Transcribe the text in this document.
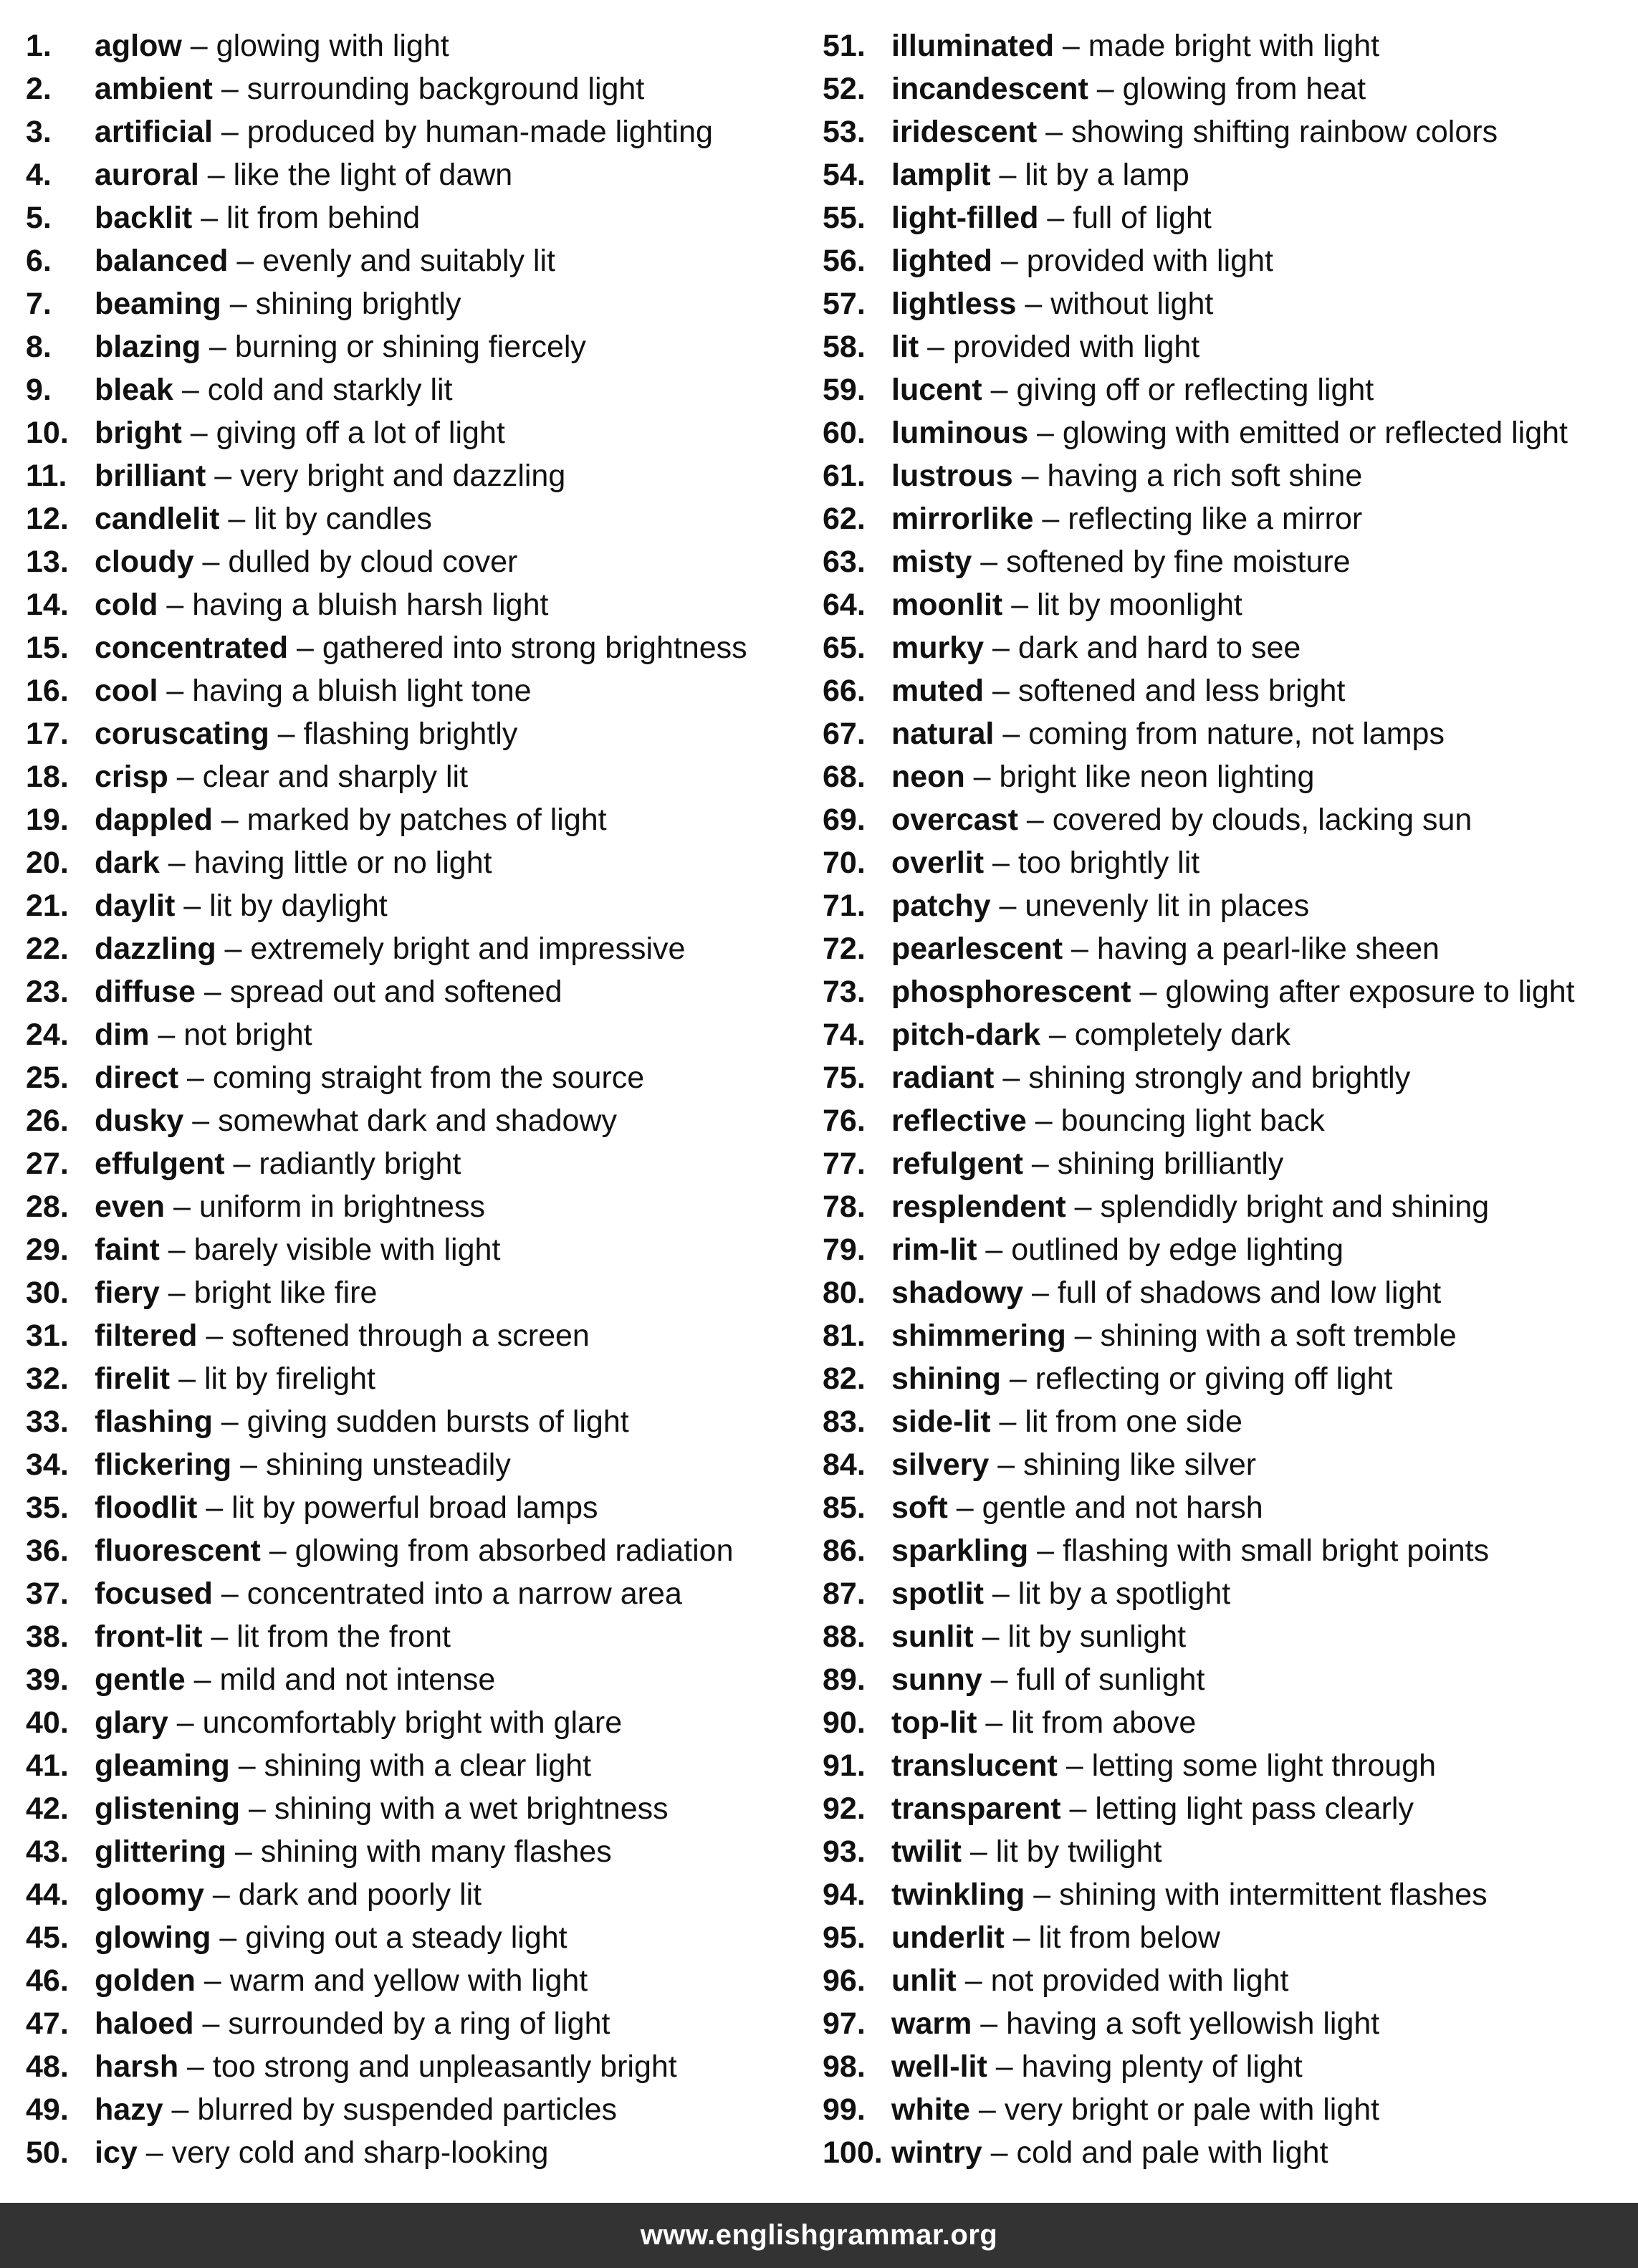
1. aglow – glowing with light
2. ambient – surrounding background light
3. artificial – produced by human-made lighting
4. auroral – like the light of dawn
5. backlit – lit from behind
6. balanced – evenly and suitably lit
7. beaming – shining brightly
8. blazing – burning or shining fiercely
9. bleak – cold and starkly lit
10. bright – giving off a lot of light
11. brilliant – very bright and dazzling
12. candlelit – lit by candles
13. cloudy – dulled by cloud cover
14. cold – having a bluish harsh light
15. concentrated – gathered into strong brightness
16. cool – having a bluish light tone
17. coruscating – flashing brightly
18. crisp – clear and sharply lit
19. dappled – marked by patches of light
20. dark – having little or no light
21. daylit – lit by daylight
22. dazzling – extremely bright and impressive
23. diffuse – spread out and softened
24. dim – not bright
25. direct – coming straight from the source
26. dusky – somewhat dark and shadowy
27. effulgent – radiantly bright
28. even – uniform in brightness
29. faint – barely visible with light
30. fiery – bright like fire
31. filtered – softened through a screen
32. firelit – lit by firelight
33. flashing – giving sudden bursts of light
34. flickering – shining unsteadily
35. floodlit – lit by powerful broad lamps
36. fluorescent – glowing from absorbed radiation
37. focused – concentrated into a narrow area
38. front-lit – lit from the front
39. gentle – mild and not intense
40. glary – uncomfortably bright with glare
41. gleaming – shining with a clear light
42. glistening – shining with a wet brightness
43. glittering – shining with many flashes
44. gloomy – dark and poorly lit
45. glowing – giving out a steady light
46. golden – warm and yellow with light
47. haloed – surrounded by a ring of light
48. harsh – too strong and unpleasantly bright
49. hazy – blurred by suspended particles
50. icy – very cold and sharp-looking
51. illuminated – made bright with light
52. incandescent – glowing from heat
53. iridescent – showing shifting rainbow colors
54. lamplit – lit by a lamp
55. light-filled – full of light
56. lighted – provided with light
57. lightless – without light
58. lit – provided with light
59. lucent – giving off or reflecting light
60. luminous – glowing with emitted or reflected light
61. lustrous – having a rich soft shine
62. mirrorlike – reflecting like a mirror
63. misty – softened by fine moisture
64. moonlit – lit by moonlight
65. murky – dark and hard to see
66. muted – softened and less bright
67. natural – coming from nature, not lamps
68. neon – bright like neon lighting
69. overcast – covered by clouds, lacking sun
70. overlit – too brightly lit
71. patchy – unevenly lit in places
72. pearlescent – having a pearl-like sheen
73. phosphorescent – glowing after exposure to light
74. pitch-dark – completely dark
75. radiant – shining strongly and brightly
76. reflective – bouncing light back
77. refulgent – shining brilliantly
78. resplendent – splendidly bright and shining
79. rim-lit – outlined by edge lighting
80. shadowy – full of shadows and low light
81. shimmering – shining with a soft tremble
82. shining – reflecting or giving off light
83. side-lit – lit from one side
84. silvery – shining like silver
85. soft – gentle and not harsh
86. sparkling – flashing with small bright points
87. spotlit – lit by a spotlight
88. sunlit – lit by sunlight
89. sunny – full of sunlight
90. top-lit – lit from above
91. translucent – letting some light through
92. transparent – letting light pass clearly
93. twilit – lit by twilight
94. twinkling – shining with intermittent flashes
95. underlit – lit from below
96. unlit – not provided with light
97. warm – having a soft yellowish light
98. well-lit – having plenty of light
99. white – very bright or pale with light
100. wintry – cold and pale with light
www.englishgrammar.org
